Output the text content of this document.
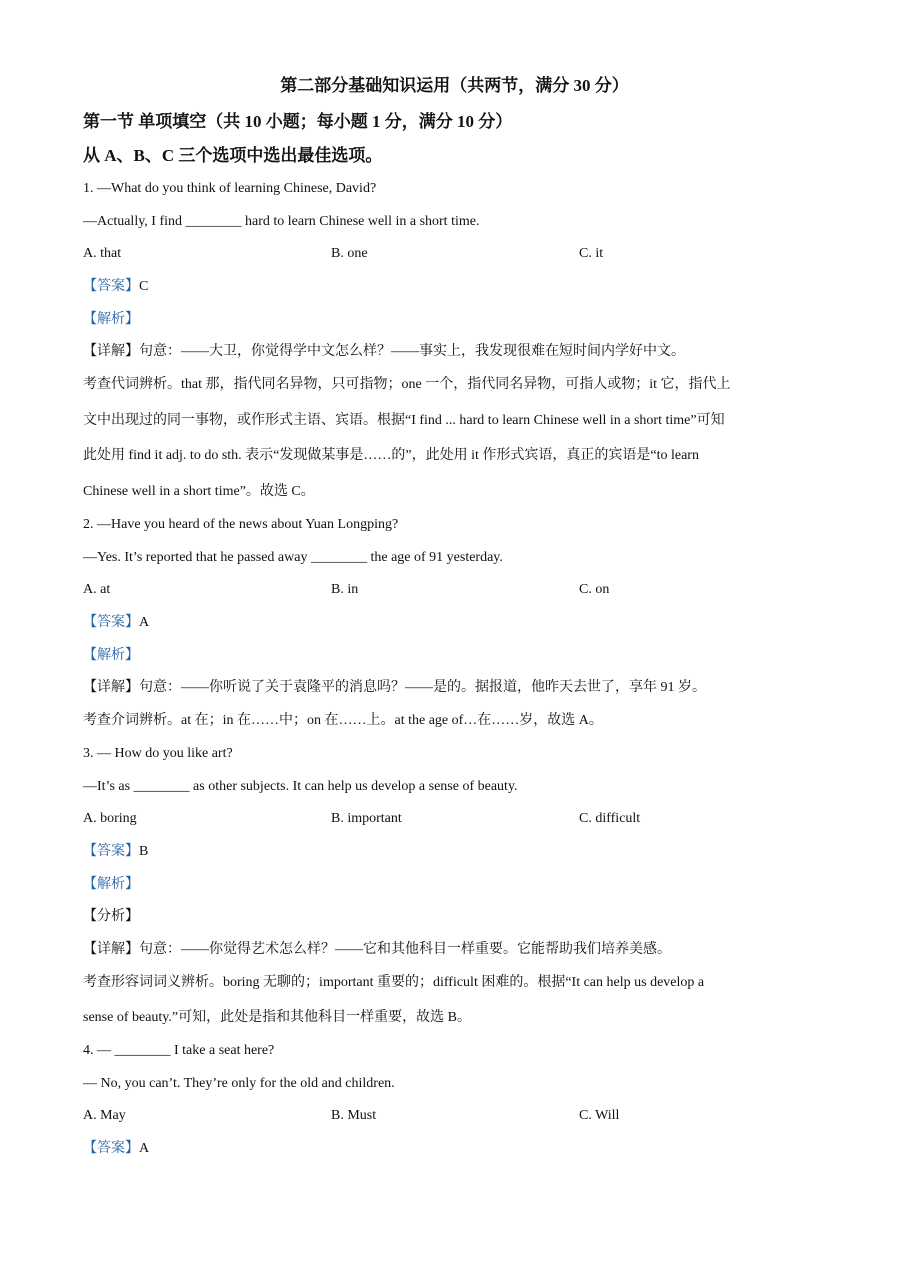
第二部分基础知识运用（共两节，满分 30 分）
第一节 单项填空（共 10 小题；每小题 1 分，满分 10 分）
从 A、B、C 三个选项中选出最佳选项。
1. —What do you think of learning Chinese, David?
—Actually, I find ________ hard to learn Chinese well in a short time.
A. that	B. one	C. it
【答案】C
【解析】
【详解】句意：——大卫，你觉得学中文怎么样？——事实上，我发现很难在短时间内学好中文。
考查代词辨析。that 那，指代同名异物，只可指物；one 一个，指代同名异物，可指人或物；it 它，指代上
文中出现过的同一事物，或作形式主语、宾语。根据“I find ... hard to learn Chinese well in a short time”可知
此处用 find it adj. to do sth. 表示“发现做某事是……的”，此处用 it 作形式宾语，真正的宾语是“to learn
Chinese well in a short time”。故选 C。
2. —Have you heard of the news about Yuan Longping?
—Yes. It’s reported that he passed away ________ the age of 91 yesterday.
A. at	B. in	C. on
【答案】A
【解析】
【详解】句意：——你听说了关于袁隆平的消息吗？——是的。据报道，他昨天去世了，享年 91 岁。
考查介词辨析。at 在；in 在……中；on 在……上。at the age of…在……岁，故选 A。
3. — How do you like art?
—It’s as ________ as other subjects. It can help us develop a sense of beauty.
A. boring	B. important	C. difficult
【答案】B
【解析】
【分析】
【详解】句意：——你觉得艺术怎么样？——它和其他科目一样重要。它能帮助我们培养美感。
考查形容词词义辨析。boring 无聊的；important 重要的；difficult 困难的。根据“It can help us develop a
sense of beauty.”可知，此处是指和其他科目一样重要，故选 B。
4. — ________ I take a seat here?
— No, you can’t. They’re only for the old and children.
A. May	B. Must	C. Will
【答案】A
